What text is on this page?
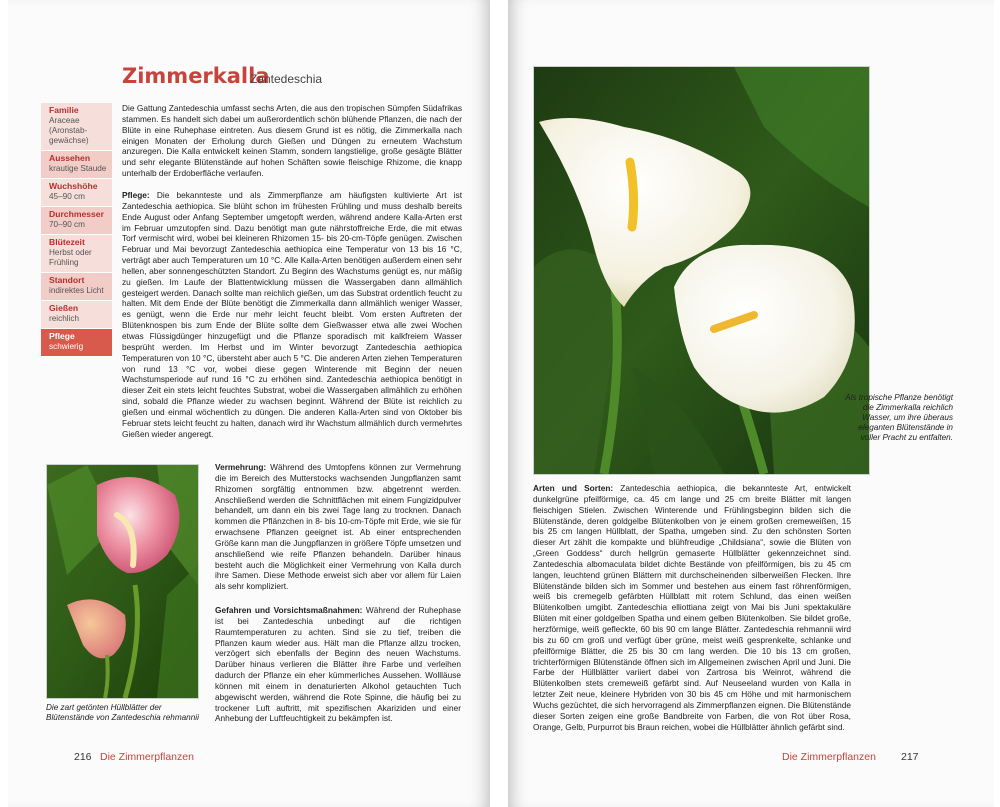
Zimmerkalla
Zantedeschia
Familie
Araceae (Aronstab-gewächse)
Aussehen
krautige Staude
Wuchshöhe
45–90 cm
Durchmesser
70–90 cm
Blütezeit
Herbst oder Frühling
Standort
indirektes Licht
Gießen
reichlich
Pflege
schwierig

Die Gattung Zantedeschia umfasst sechs Arten, die aus den tropischen Sümpfen Südafrikas stammen. Es handelt sich dabei um außerordentlich schön blühende Pflanzen, die nach der Blüte in eine Ruhephase eintreten. Aus diesem Grund ist es nötig, die Zimmerkalla nach einigen Monaten der Erholung durch Gießen und Düngen zu erneutem Wachstum anzuregen. Die Kalla entwickelt keinen Stamm, sondern langstielige, große gesägte Blätter und sehr elegante Blütenstände auf hohen Schäften sowie fleischige Rhizome, die knapp unterhalb der Erdoberfläche verlaufen.

Pflege: Die bekannteste und als Zimmerpflanze am häufigsten kultivierte Art ist Zantedeschia aethiopica. Sie blüht schon im frühesten Frühling und muss deshalb bereits Ende August oder Anfang September umgetopft werden, während andere Kalla-Arten erst im Februar umzutopfen sind. Dazu benötigt man gute nährstoffreiche Erde, die mit etwas Torf vermischt wird, wobei bei kleineren Rhizomen 15- bis 20-cm-Töpfe genügen. Zwischen Februar und Mai bevorzugt Zantedeschia aethiopica eine Temperatur von 13 bis 16 °C, verträgt aber auch Temperaturen um 10 °C. Alle Kalla-Arten benötigen außerdem einen sehr hellen, aber sonnengeschützten Standort. Zu Beginn des Wachstums genügt es, nur mäßig zu gießen. Im Laufe der Blattentwicklung müssen die Wassergaben dann allmählich gesteigert werden. Danach sollte man reichlich gießen, um das Substrat ordentlich feucht zu halten. Mit dem Ende der Blüte benötigt die Zimmerkalla dann allmählich weniger Wasser, es genügt, wenn die Erde nur mehr leicht feucht bleibt. Vom ersten Auftreten der Blütenknospen bis zum Ende der Blüte sollte dem Gießwasser etwa alle zwei Wochen etwas Flüssigdünger hinzugefügt und die Pflanze sporadisch mit kalkfreiem Wasser besprüht werden. Im Herbst und im Winter bevorzugt Zantedeschia aethiopica Temperaturen von 10 °C, übersteht aber auch 5 °C. Die anderen Arten ziehen Temperaturen von rund 13 °C vor, wobei diese gegen Winterende mit Beginn der neuen Wachstumsperiode auf rund 16 °C zu erhöhen sind. Zantedeschia aethiopica benötigt in dieser Zeit ein stets leicht feuchtes Substrat, wobei die Wassergaben allmählich zu erhöhen sind, sobald die Pflanze wieder zu wachsen beginnt. Während der Blüte ist reichlich zu gießen und einmal wöchentlich zu düngen. Die anderen Kalla-Arten sind von Oktober bis Februar stets leicht feucht zu halten, danach wird ihr Wachstum allmählich durch vermehrtes Gießen wieder angeregt.

Die zart getönten Hüllblätter der Blütenstände von Zantedeschia rehmannii

Vermehrung: Während des Umtopfens können zur Vermehrung die im Bereich des Mutterstocks wachsenden Jungpflanzen samt Rhizomen sorgfältig entnommen bzw. abgetrennt werden. Anschließend werden die Schnittflächen mit einem Fungizidpulver behandelt, um dann ein bis zwei Tage lang zu trocknen. Danach kommen die Pflänzchen in 8- bis 10-cm-Töpfe mit Erde, wie sie für erwachsene Pflanzen geeignet ist. Ab einer entsprechenden Größe kann man die Jungpflanzen in größere Töpfe umsetzen und anschließend wie reife Pflanzen behandeln. Darüber hinaus besteht auch die Möglichkeit einer Vermehrung von Kalla durch ihre Samen. Diese Methode erweist sich aber vor allem für Laien als sehr kompliziert.

Gefahren und Vorsichtsmaßnahmen: Während der Ruhephase ist bei Zantedeschia unbedingt auf die richtigen Raumtemperaturen zu achten. Sind sie zu tief, treiben die Pflanzen kaum wieder aus. Hält man die Pflanze allzu trocken, verzögert sich ebenfalls der Beginn des neuen Wachstums. Darüber hinaus verlieren die Blätter ihre Farbe und verleihen dadurch der Pflanze ein eher kümmerliches Aussehen. Wollläuse können mit einem in denaturierten Alkohol getauchten Tuch abgewischt werden, während die Rote Spinne, die häufig bei zu trockener Luft auftritt, mit spezifischen Akariziden und einer Anhebung der Luftfeuchtigkeit zu bekämpfen ist.

216 Die Zimmerpflanzen
Als tropische Pflanze benötigt die Zimmerkalla reichlich Wasser, um ihre überaus eleganten Blütenstände in voller Pracht zu entfalten.

Arten und Sorten: Zantedeschia aethiopica, die bekannteste Art, entwickelt dunkelgrüne pfeilförmige, ca. 45 cm lange und 25 cm breite Blätter mit langen fleischigen Stielen. Zwischen Winterende und Frühlingsbeginn bilden sich die Blütenstände, deren goldgelbe Blütenkolben von je einem großen cremeweißen, 15 bis 25 cm langen Hüllblatt, der Spatha, umgeben sind. Zu den schönsten Sorten dieser Art zählt die kompakte und blühfreudige „Childsiana“, sowie die Blüten von „Green Goddess“ durch hellgrün gemaserte Hüllblätter gekennzeichnet sind. Zantedeschia albomaculata bildet dichte Bestände von pfeilförmigen, bis zu 45 cm langen, leuchtend grünen Blättern mit durchscheinenden silberweißen Flecken. Ihre Blütenstände bilden sich im Sommer und bestehen aus einem fast röhrenförmigen, weiß bis cremegelb gefärbten Hüllblatt mit rotem Schlund, das einen weißen Blütenkolben umgibt. Zantedeschia elliottiana zeigt von Mai bis Juni spektakuläre Blüten mit einer goldgelben Spatha und einem gelben Blütenkolben. Sie bildet große, herzförmige, weiß gefleckte, 60 bis 90 cm lange Blätter. Zantedeschia rehmannii wird bis zu 60 cm groß und verfügt über grüne, meist weiß gesprenkelte, schlanke und pfeilförmige Blätter, die 25 bis 30 cm lang werden. Die 10 bis 13 cm großen, trichterförmigen Blütenstände öffnen sich im Allgemeinen zwischen April und Juni. Die Farbe der Hüllblätter variiert dabei von Zartrosa bis Weinrot, während die Blütenkolben stets cremeweiß gefärbt sind. Auf Neuseeland wurden von Kalla in letzter Zeit neue, kleinere Hybriden von 30 bis 45 cm Höhe und mit harmonischem Wuchs gezüchtet, die sich hervorragend als Zimmerpflanzen eignen. Die Blütenstände dieser Sorten zeigen eine große Bandbreite von Farben, die von Rot über Rosa, Orange, Gelb, Purpurrot bis Braun reichen, wobei die Hüllblätter ähnlich gefärbt sind.

Die Zimmerpflanzen 217
